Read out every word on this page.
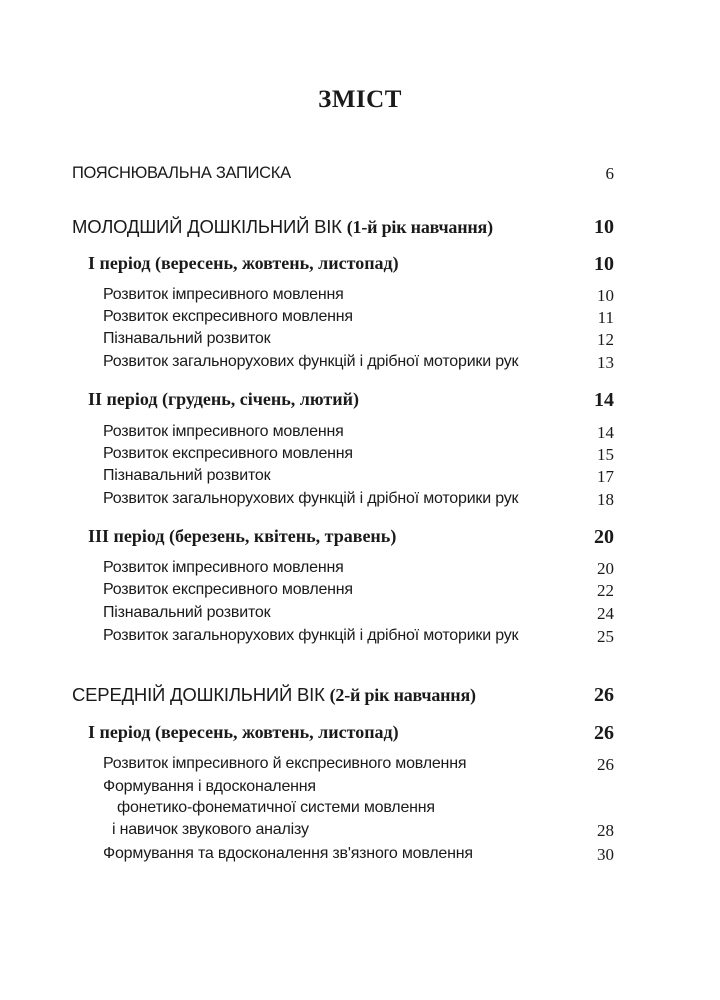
ЗМІСТ
ПОЯСНЮВАЛЬНА ЗАПИСКА	6
МОЛОДШИЙ ДОШКІЛЬНИЙ ВІК (1-й рік навчання)	10
І період (вересень, жовтень, листопад)	10
Розвиток імпресивного мовлення	10
Розвиток експресивного мовлення	11
Пізнавальний розвиток	12
Розвиток загальнорухових функцій і дрібної моторики рук	13
ІІ період (грудень, січень, лютий)	14
Розвиток імпресивного мовлення	14
Розвиток експресивного мовлення	15
Пізнавальний розвиток	17
Розвиток загальнорухових функцій і дрібної моторики рук	18
ІІІ період (березень, квітень, травень)	20
Розвиток імпресивного мовлення	20
Розвиток експресивного мовлення	22
Пізнавальний розвиток	24
Розвиток загальнорухових функцій і дрібної моторики рук	25
СЕРЕДНІЙ ДОШКІЛЬНИЙ ВІК (2-й рік навчання)	26
І період (вересень, жовтень, листопад)	26
Розвиток імпресивного й експресивного мовлення	26
Формування і вдосконалення
фонетико-фонематичної системи мовлення
і навичок звукового аналізу	28
Формування та вдосконалення зв'язного мовлення	30
